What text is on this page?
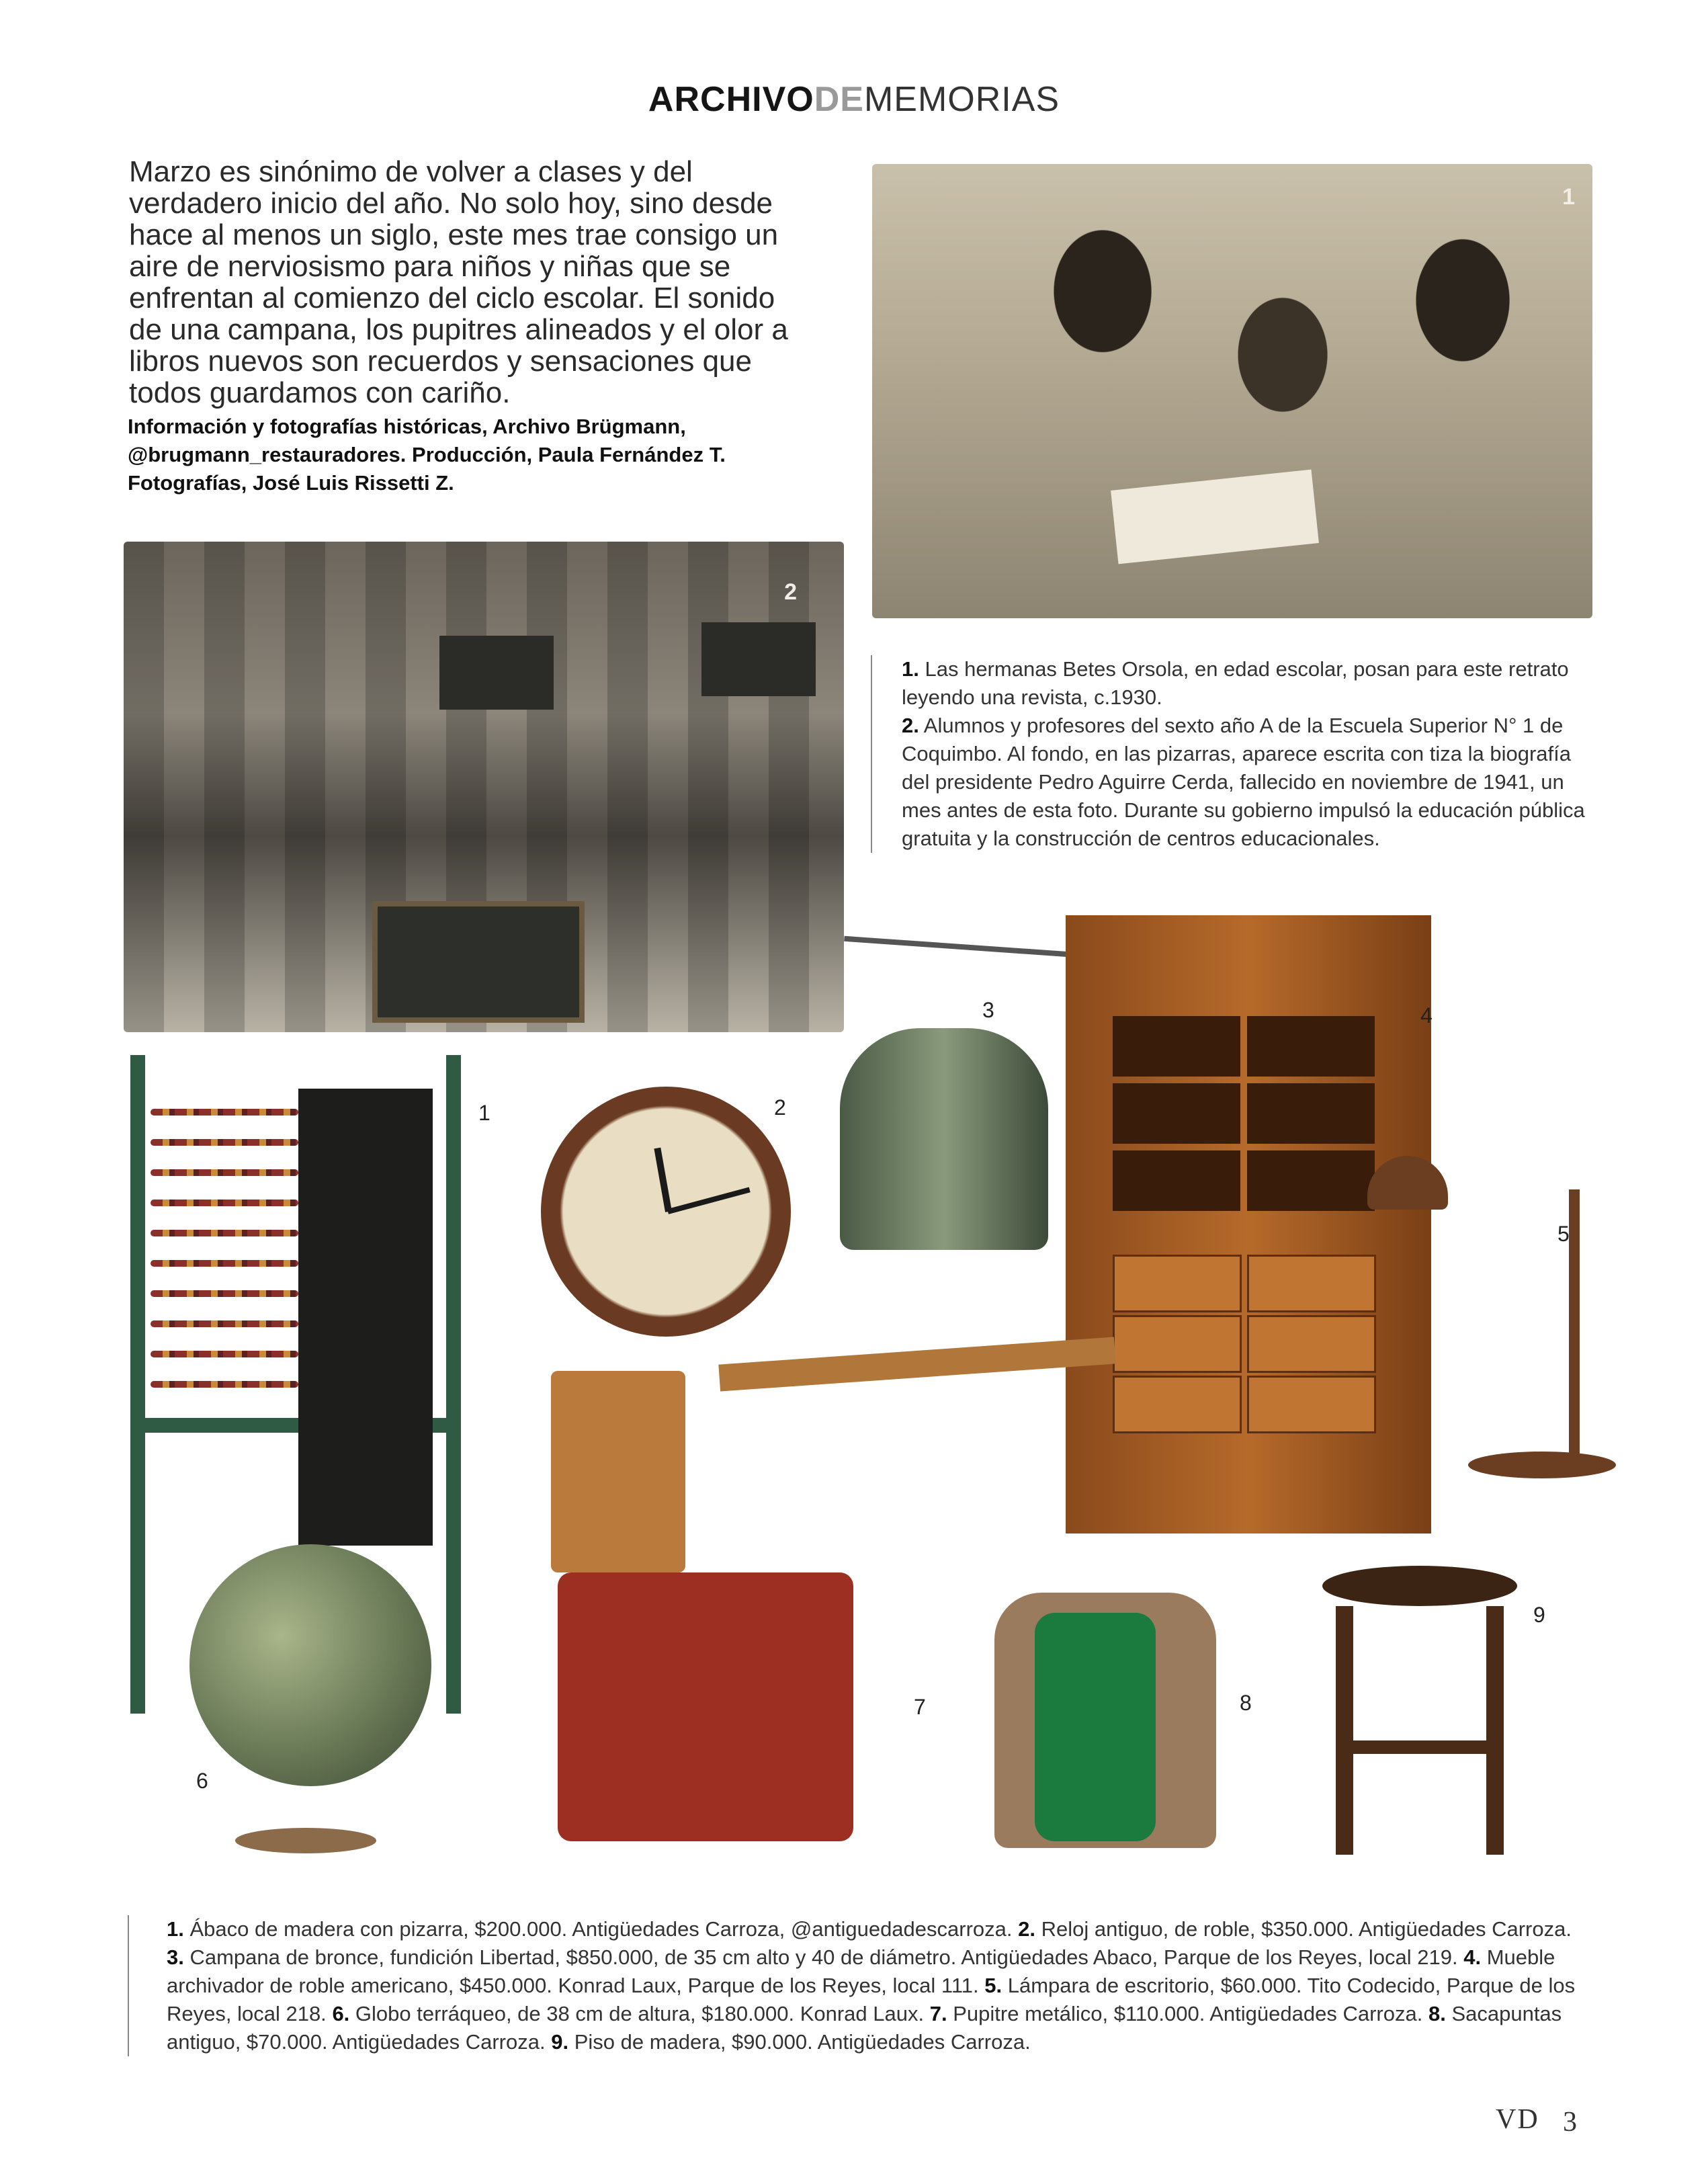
ARCHIVODEMEMORIAS
Marzo es sinónimo de volver a clases y del verdadero inicio del año. No solo hoy, sino desde hace al menos un siglo, este mes trae consigo un aire de nerviosismo para niños y niñas que se enfrentan al comienzo del ciclo escolar. El sonido de una campana, los pupitres alineados y el olor a libros nuevos son recuerdos y sensaciones que todos guardamos con cariño.
Información y fotografías históricas, Archivo Brügmann,
@brugmann_restauradores. Producción, Paula Fernández T.
Fotografías, José Luis Rissetti Z.
1
2
1. Las hermanas Betes Orsola, en edad escolar, posan para este retrato leyendo una revista, c.1930.
2. Alumnos y profesores del sexto año A de la Escuela Superior N° 1 de Coquimbo. Al fondo, en las pizarras, aparece escrita con tiza la biografía del presidente Pedro Aguirre Cerda, fallecido en noviembre de 1941, un mes antes de esta foto. Durante su gobierno impulsó la educación pública gratuita y la construcción de centros educacionales.
1	2
3	4
5
6
7	8
9
1. Ábaco de madera con pizarra, $200.000. Antigüedades Carroza, @antiguedadescarroza. 2. Reloj antiguo, de roble, $350.000. Antigüedades Carroza. 3. Campana de bronce, fundición Libertad, $850.000, de 35 cm alto y 40 de diámetro. Antigüedades Abaco, Parque de los Reyes, local 219. 4. Mueble archivador de roble americano, $450.000. Konrad Laux, Parque de los Reyes, local 111. 5. Lámpara de escritorio, $60.000. Tito Codecido, Parque de los Reyes, local 218. 6. Globo terráqueo, de 38 cm de altura, $180.000. Konrad Laux. 7. Pupitre metálico, $110.000. Antigüedades Carroza. 8. Sacapuntas antiguo, $70.000. Antigüedades Carroza. 9. Piso de madera, $90.000. Antigüedades Carroza.
VD 3
